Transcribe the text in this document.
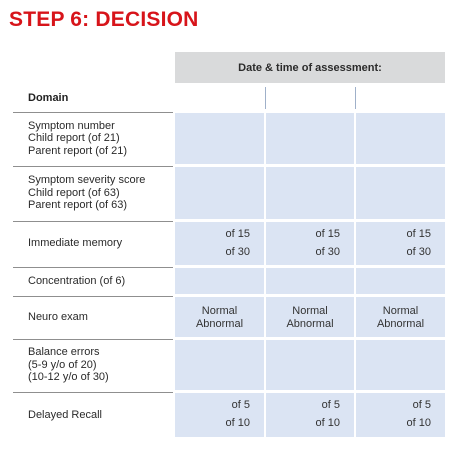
STEP 6: DECISION
Date & time of assessment:
Domain
Symptom number
Child report (of 21)
Parent report (of 21)
Symptom severity score
Child report (of 63)
Parent report (of 63)
Immediate memory
of 15
of 30
of 15
of 30
of 15
of 30
Concentration (of 6)
Neuro exam	Normal
Abnormal
Normal
Abnormal
Normal
Abnormal
Balance errors
(5-9 y/o of 20)
(10-12 y/o of 30)
Delayed Recall
of 5
of 10
of 5
of 10
of 5
of 10
